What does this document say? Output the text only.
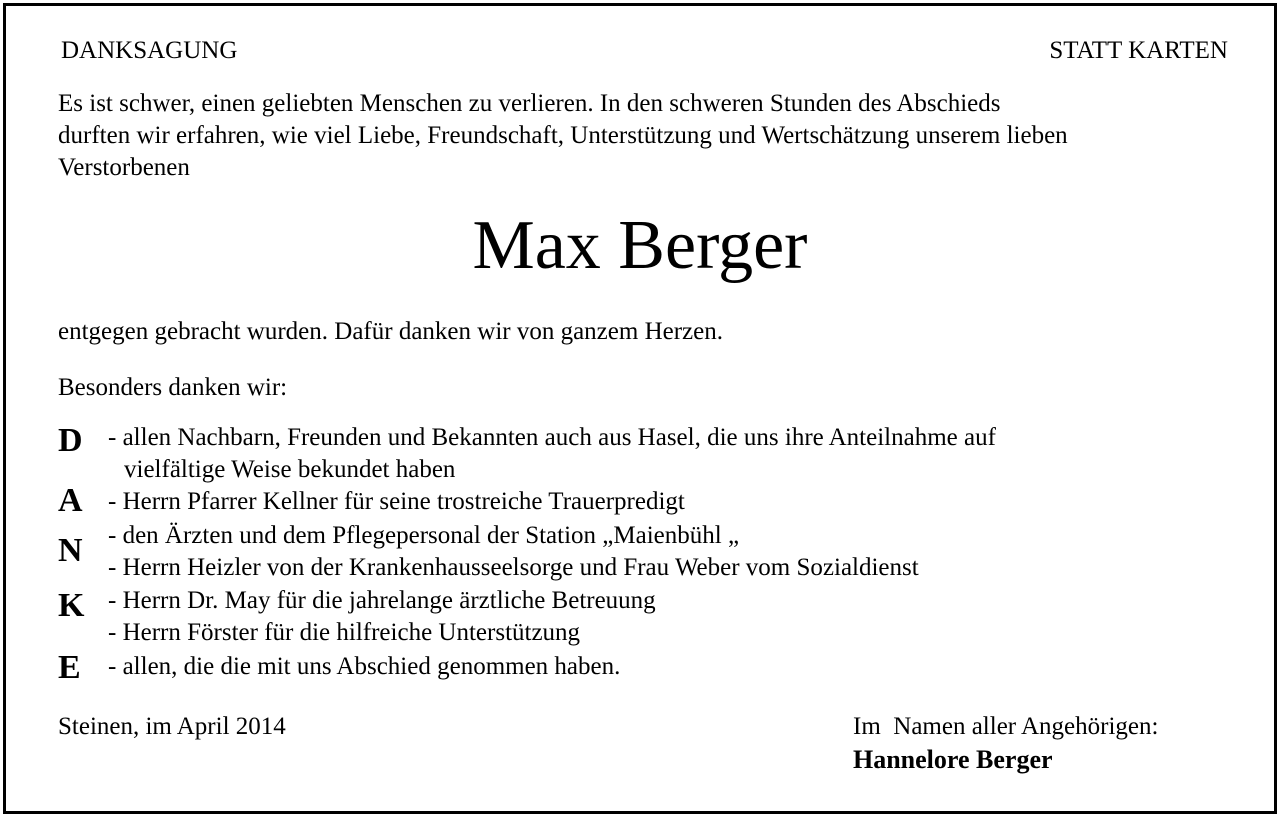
DANKSAGUNG	STATT KARTEN
Es ist schwer, einen geliebten Menschen zu verlieren. In den schweren Stunden des Abschieds
durften wir erfahren, wie viel Liebe, Freundschaft, Unterstützung und Wertschätzung unserem lieben
Verstorbenen
Max Berger
entgegen gebracht wurden. Dafür danken wir von ganzem Herzen.
Besonders danken wir:
D
A
N
K
E
- allen Nachbarn, Freunden und Bekannten auch aus Hasel, die uns ihre Anteilnahme auf
vielfältige Weise bekundet haben
- Herrn Pfarrer Kellner für seine trostreiche Trauerpredigt
- den Ärzten und dem Pflegepersonal der Station „Maienbühl „
- Herrn Heizler von der Krankenhausseelsorge und Frau Weber vom Sozialdienst
- Herrn Dr. May für die jahrelange ärztliche Betreuung
- Herrn Förster für die hilfreiche Unterstützung
- allen, die die mit uns Abschied genommen haben.
Steinen, im April 2014	Im  Namen aller Angehörigen:
Hannelore Berger
